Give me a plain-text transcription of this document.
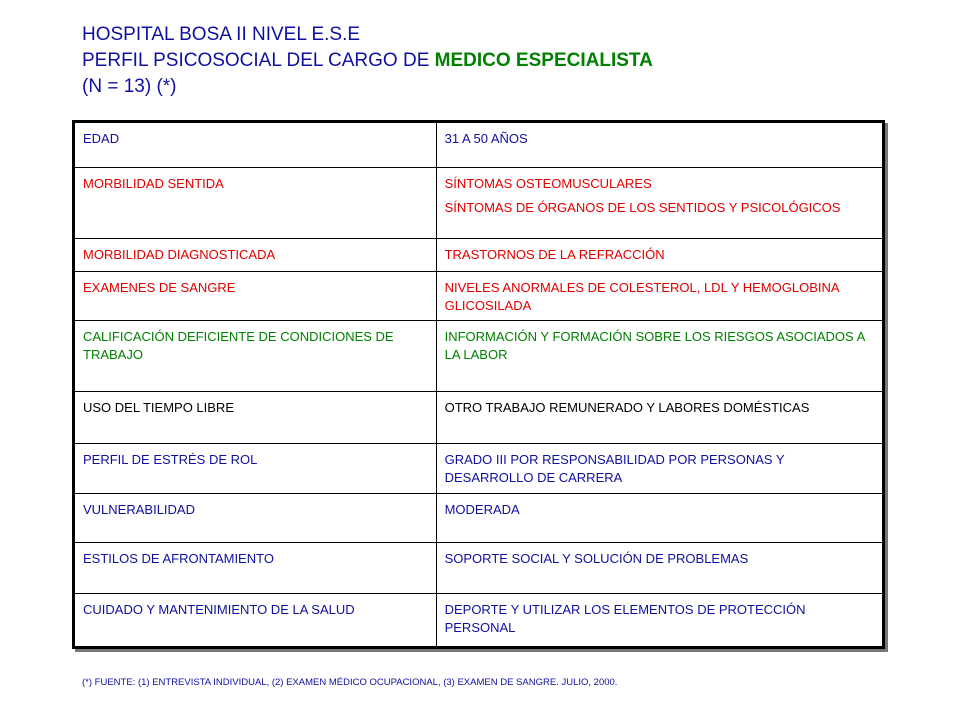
HOSPITAL BOSA II NIVEL E.S.E
PERFIL PSICOSOCIAL DEL CARGO DE MEDICO ESPECIALISTA
(N = 13) (*)
EDAD	31 A 50 AÑOS

MORBILIDAD SENTIDA	SÍNTOMAS OSTEOMUSCULARES
SÍNTOMAS DE ÓRGANOS DE LOS SENTIDOS Y PSICOLÓGICOS

MORBILIDAD DIAGNOSTICADA	TRASTORNOS DE LA REFRACCIÓN

EXAMENES DE SANGRE	NIVELES ANORMALES DE COLESTEROL, LDL Y HEMOGLOBINA GLICOSILADA

CALIFICACIÓN DEFICIENTE DE CONDICIONES DE TRABAJO	INFORMACIÓN Y FORMACIÓN SOBRE LOS RIESGOS ASOCIADOS A LA LABOR

USO DEL TIEMPO LIBRE	OTRO TRABAJO REMUNERADO Y LABORES DOMÉSTICAS

PERFIL DE ESTRÉS DE ROL	GRADO III POR RESPONSABILIDAD POR PERSONAS Y DESARROLLO DE CARRERA

VULNERABILIDAD	MODERADA

ESTILOS DE AFRONTAMIENTO	SOPORTE SOCIAL Y SOLUCIÓN DE PROBLEMAS

CUIDADO Y MANTENIMIENTO DE LA SALUD	DEPORTE Y UTILIZAR LOS ELEMENTOS DE PROTECCIÓN PERSONAL
(*) FUENTE: (1) ENTREVISTA INDIVIDUAL, (2) EXAMEN MÉDICO OCUPACIONAL, (3) EXAMEN DE SANGRE. JULIO, 2000.
